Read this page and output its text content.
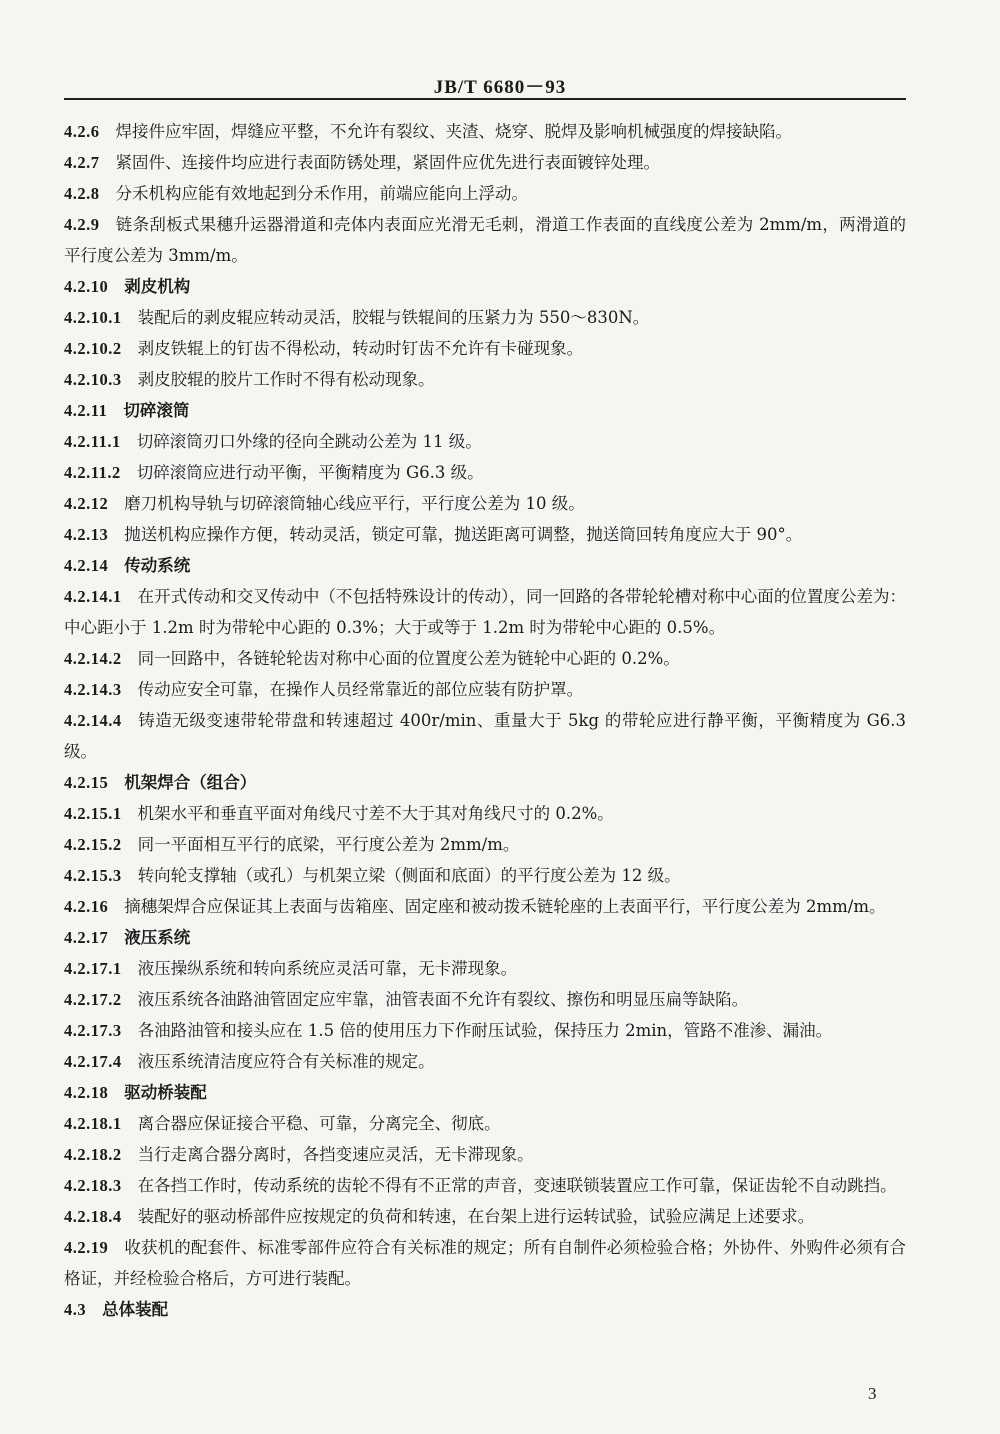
JB/T 6680－93

4.2.6 焊接件应牢固，焊缝应平整，不允许有裂纹、夹渣、烧穿、脱焊及影响机械强度的焊接缺陷。

4.2.7 紧固件、连接件均应进行表面防锈处理，紧固件应优先进行表面镀锌处理。

4.2.8 分禾机构应能有效地起到分禾作用，前端应能向上浮动。

4.2.9 链条刮板式果穗升运器滑道和壳体内表面应光滑无毛刺，滑道工作表面的直线度公差为 2mm/m，两滑道的平行度公差为 3mm/m。

4.2.10 剥皮机构

4.2.10.1 装配后的剥皮辊应转动灵活，胶辊与铁辊间的压紧力为 550～830N。

4.2.10.2 剥皮铁辊上的钉齿不得松动，转动时钉齿不允许有卡碰现象。

4.2.10.3 剥皮胶辊的胶片工作时不得有松动现象。

4.2.11 切碎滚筒

4.2.11.1 切碎滚筒刃口外缘的径向全跳动公差为 11 级。

4.2.11.2 切碎滚筒应进行动平衡，平衡精度为 G6.3 级。

4.2.12 磨刀机构导轨与切碎滚筒轴心线应平行，平行度公差为 10 级。

4.2.13 抛送机构应操作方便，转动灵活，锁定可靠，抛送距离可调整，抛送筒回转角度应大于 90°。

4.2.14 传动系统

4.2.14.1 在开式传动和交叉传动中（不包括特殊设计的传动），同一回路的各带轮轮槽对称中心面的位置度公差为：中心距小于 1.2m 时为带轮中心距的 0.3%；大于或等于 1.2m 时为带轮中心距的 0.5%。

4.2.14.2 同一回路中，各链轮轮齿对称中心面的位置度公差为链轮中心距的 0.2%。

4.2.14.3 传动应安全可靠，在操作人员经常靠近的部位应装有防护罩。

4.2.14.4 铸造无级变速带轮带盘和转速超过 400r/min、重量大于 5kg 的带轮应进行静平衡，平衡精度为 G6.3 级。

4.2.15 机架焊合（组合）

4.2.15.1 机架水平和垂直平面对角线尺寸差不大于其对角线尺寸的 0.2%。

4.2.15.2 同一平面相互平行的底梁，平行度公差为 2mm/m。

4.2.15.3 转向轮支撑轴（或孔）与机架立梁（侧面和底面）的平行度公差为 12 级。

4.2.16 摘穗架焊合应保证其上表面与齿箱座、固定座和被动拨禾链轮座的上表面平行，平行度公差为 2mm/m。

4.2.17 液压系统

4.2.17.1 液压操纵系统和转向系统应灵活可靠，无卡滞现象。

4.2.17.2 液压系统各油路油管固定应牢靠，油管表面不允许有裂纹、擦伤和明显压扁等缺陷。

4.2.17.3 各油路油管和接头应在 1.5 倍的使用压力下作耐压试验，保持压力 2min，管路不准渗、漏油。

4.2.17.4 液压系统清洁度应符合有关标准的规定。

4.2.18 驱动桥装配

4.2.18.1 离合器应保证接合平稳、可靠，分离完全、彻底。

4.2.18.2 当行走离合器分离时，各挡变速应灵活，无卡滞现象。

4.2.18.3 在各挡工作时，传动系统的齿轮不得有不正常的声音，变速联锁装置应工作可靠，保证齿轮不自动跳挡。

4.2.18.4 装配好的驱动桥部件应按规定的负荷和转速，在台架上进行运转试验，试验应满足上述要求。

4.2.19 收获机的配套件、标准零部件应符合有关标准的规定；所有自制件必须检验合格；外协件、外购件必须有合格证，并经检验合格后，方可进行装配。

4.3 总体装配

3
